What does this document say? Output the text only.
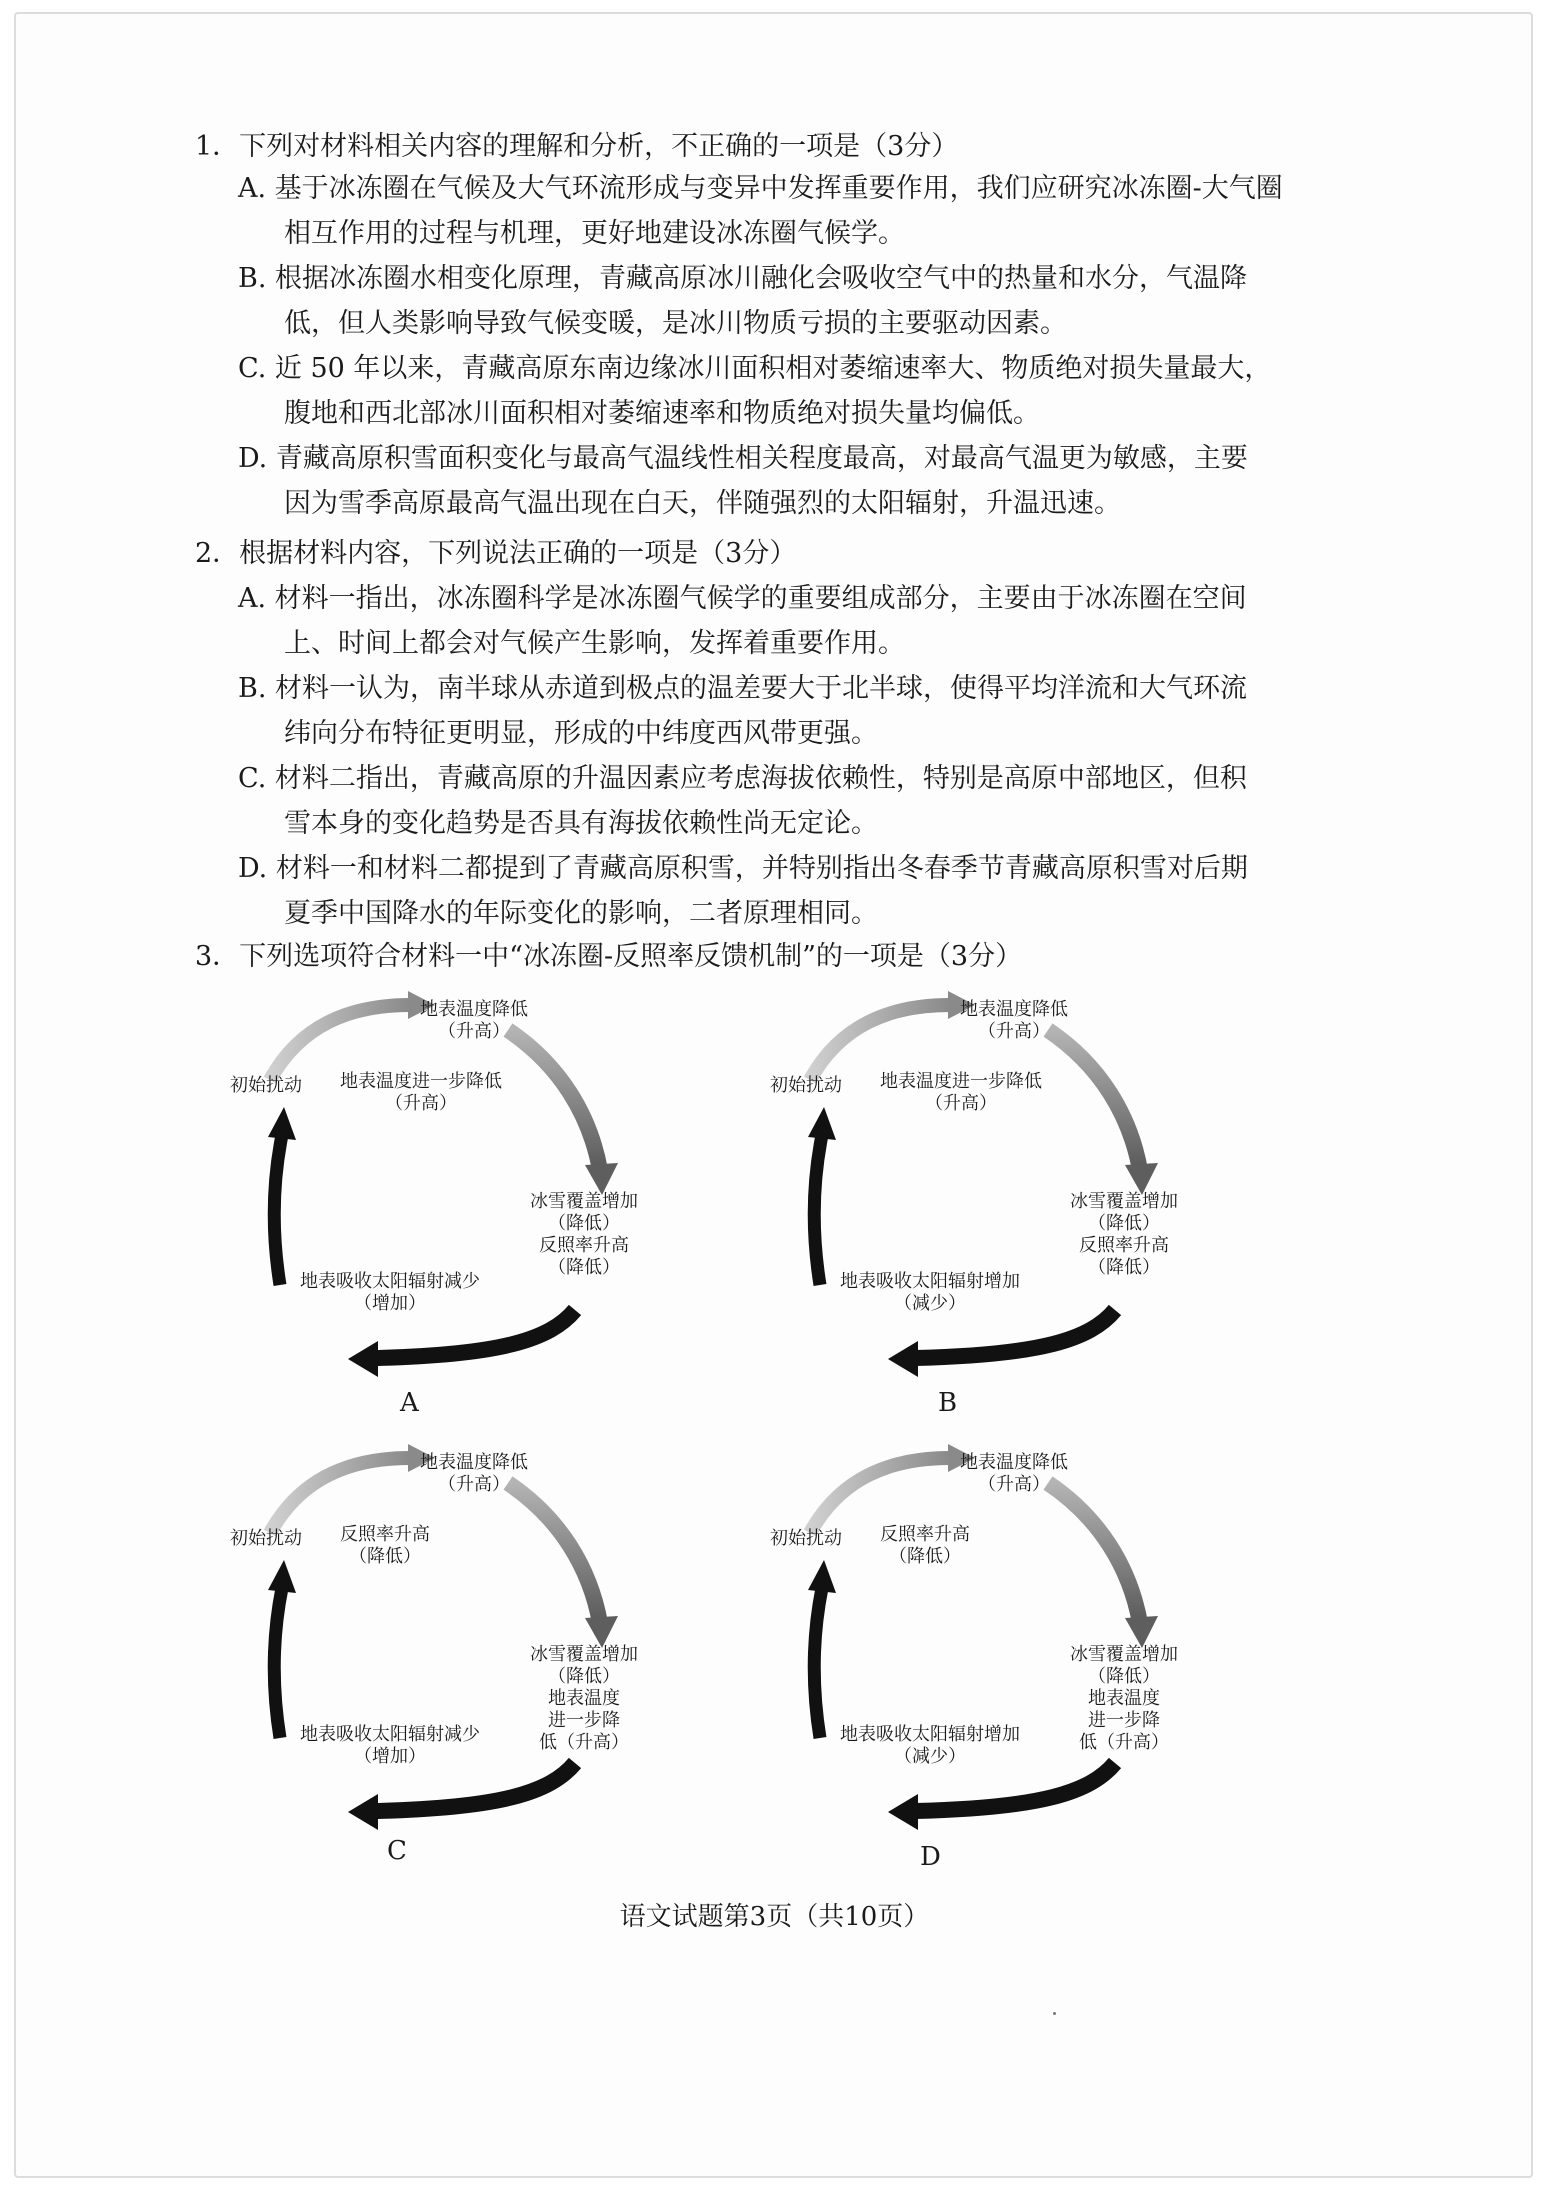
1．下列对材料相关内容的理解和分析，不正确的一项是（3分）
A. 基于冰冻圈在气候及大气环流形成与变异中发挥重要作用，我们应研究冰冻圈-大气圈
相互作用的过程与机理，更好地建设冰冻圈气候学。
B. 根据冰冻圈水相变化原理，青藏高原冰川融化会吸收空气中的热量和水分，气温降
低，但人类影响导致气候变暖，是冰川物质亏损的主要驱动因素。
C. 近 50 年以来，青藏高原东南边缘冰川面积相对萎缩速率大、物质绝对损失量最大，
腹地和西北部冰川面积相对萎缩速率和物质绝对损失量均偏低。
D. 青藏高原积雪面积变化与最高气温线性相关程度最高，对最高气温更为敏感，主要
因为雪季高原最高气温出现在白天，伴随强烈的太阳辐射，升温迅速。
2．根据材料内容，下列说法正确的一项是（3分）
A. 材料一指出，冰冻圈科学是冰冻圈气候学的重要组成部分，主要由于冰冻圈在空间
上、时间上都会对气候产生影响，发挥着重要作用。
B. 材料一认为，南半球从赤道到极点的温差要大于北半球，使得平均洋流和大气环流
纬向分布特征更明显，形成的中纬度西风带更强。
C. 材料二指出，青藏高原的升温因素应考虑海拔依赖性，特别是高原中部地区，但积
雪本身的变化趋势是否具有海拔依赖性尚无定论。
D. 材料一和材料二都提到了青藏高原积雪，并特别指出冬春季节青藏高原积雪对后期
夏季中国降水的年际变化的影响，二者原理相同。
3．下列选项符合材料一中“冰冻圈-反照率反馈机制”的一项是（3分）
地表温度降低
（升高）
初始扰动 地表温度进一步降低
（升高）
冰雪覆盖增加
（降低）
反照率升高
（降低）
地表吸收太阳辐射减少
（增加）
A
地表温度降低
（升高）
初始扰动 地表温度进一步降低
（升高）
冰雪覆盖增加
（降低）
反照率升高
（降低）
地表吸收太阳辐射增加
（减少）
B
地表温度降低
（升高）
初始扰动 反照率升高
（降低）
冰雪覆盖增加
（降低）
地表温度
进一步降
低（升高）
地表吸收太阳辐射减少
（增加）
C
地表温度降低
（升高）
初始扰动 反照率升高
（降低）
冰雪覆盖增加
（降低）
地表温度
进一步降
低（升高）
地表吸收太阳辐射增加
（减少）
D
语文试题第3页（共10页）
